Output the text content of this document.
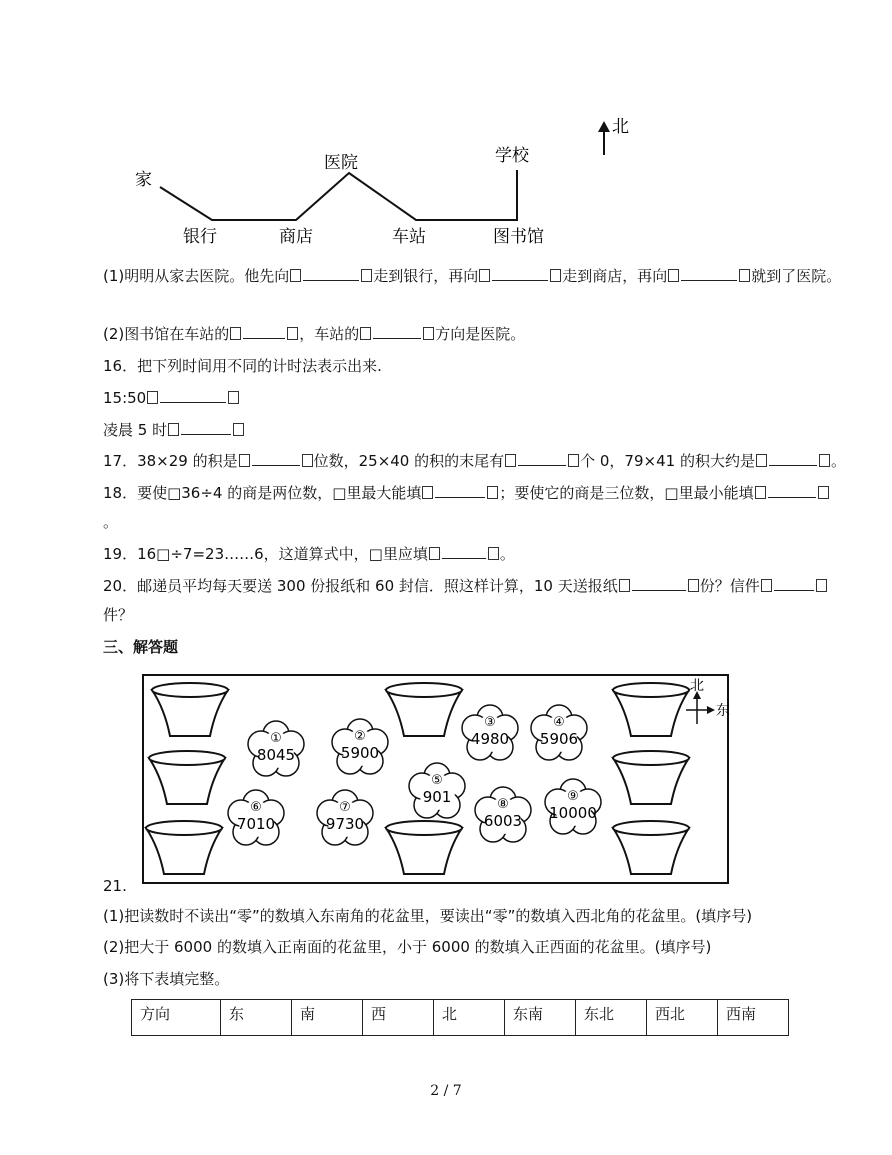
北
家
银行	商店
医院
车站
学校
图书馆
(1)明明从家去医院。他先向	走到银行，再向	走到商店，再向	就到了医院。
(2)图书馆在车站的	，车站的	方向是医院。
16．把下列时间用不同的计时法表示出来.
15:50
凌晨 5 时
17．38×29 的积是	位数，25×40 的积的末尾有	个 0，79×41 的积大约是	。
18．要使□36÷4 的商是两位数，□里最大能填	；要使它的商是三位数，□里最小能填
。
19．16□÷7=23……6，这道算式中，□里应填	。
20．邮递员平均每天要送 300 份报纸和 60 封信．照这样计算，10 天送报纸	份？信件
件？
三、解答题
北
东
①
8045
②
5900
③
4980
④
5906
⑤
901
⑥
7010
⑦
9730
⑧
6003
⑨
10000
21.
(1)把读数时不读出“零”的数填入东南角的花盆里，要读出“零”的数填入西北角的花盆里。(填序号)
(2)把大于 6000 的数填入正南面的花盆里，小于 6000 的数填入正西面的花盆里。(填序号)
(3)将下表填完整。
方向	东	南	西	北	东南	东北	西北	西南
2 / 7
